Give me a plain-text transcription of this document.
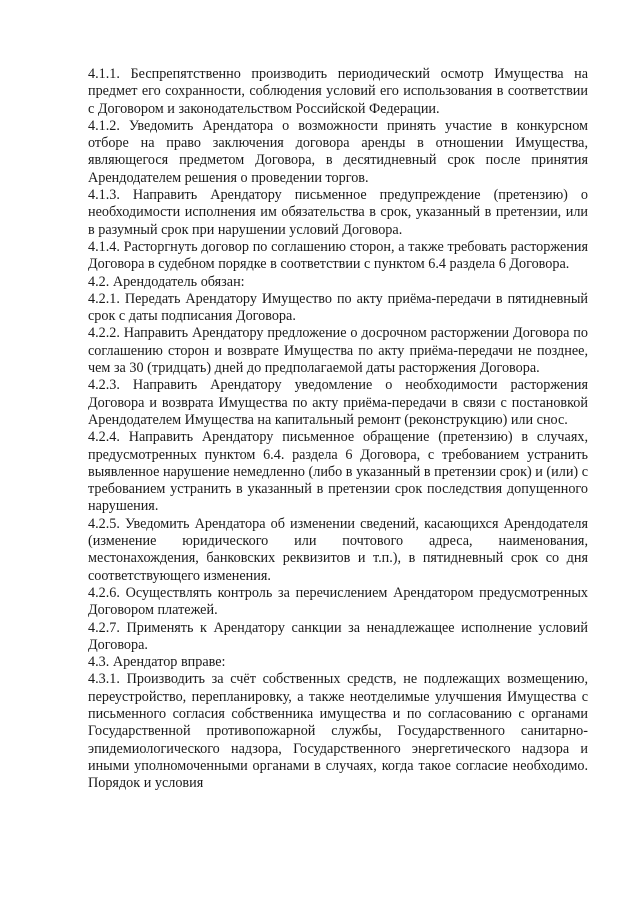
4.1.1. Беспрепятственно производить периодический осмотр Имущества на предмет его сохранности, соблюдения условий его использования в соответствии с Договором и законодательством Российской Федерации.

4.1.2. Уведомить Арендатора о возможности принять участие в конкурсном отборе на право заключения договора аренды в отношении Имущества, являющегося предметом Договора, в десятидневный срок после принятия Арендодателем решения о проведении торгов.

4.1.3. Направить Арендатору письменное предупреждение (претензию) о необходимости исполнения им обязательства в срок, указанный в претензии, или в разумный срок при нарушении условий Договора.

4.1.4. Расторгнуть договор по соглашению сторон, а также требовать расторжения Договора в судебном порядке в соответствии с пунктом 6.4 раздела 6 Договора.

4.2. Арендодатель обязан:

4.2.1. Передать Арендатору Имущество по акту приёма-передачи в пятидневный срок с даты подписания Договора.

4.2.2. Направить Арендатору предложение о досрочном расторжении Договора по соглашению сторон и возврате Имущества по акту приёма-передачи не позднее, чем за 30 (тридцать) дней до предполагаемой даты расторжения Договора.

4.2.3. Направить Арендатору уведомление о необходимости расторжения Договора и возврата Имущества по акту приёма-передачи в связи с постановкой Арендодателем Имущества на капитальный ремонт (реконструкцию) или снос.

4.2.4. Направить Арендатору письменное обращение (претензию) в случаях, предусмотренных пунктом 6.4. раздела 6 Договора, с требованием устранить выявленное нарушение немедленно (либо в указанный в претензии срок) и (или) с требованием устранить в указанный в претензии срок последствия допущенного нарушения.

4.2.5. Уведомить Арендатора об изменении сведений, касающихся Арендодателя (изменение юридического или почтового адреса, наименования, местонахождения, банковских реквизитов и т.п.), в пятидневный срок со дня соответствующего изменения.

4.2.6. Осуществлять контроль за перечислением Арендатором предусмотренных Договором платежей.

4.2.7. Применять к Арендатору санкции за ненадлежащее исполнение условий Договора.

4.3. Арендатор вправе:

4.3.1. Производить за счёт собственных средств, не подлежащих возмещению, переустройство, перепланировку, а также неотделимые улучшения Имущества с письменного согласия собственника имущества и по согласованию с органами Государственной противопожарной службы, Государственного санитарно-эпидемиологического надзора, Государственного энергетического надзора и иными уполномоченными органами в случаях, когда такое согласие необходимо. Порядок и условия
